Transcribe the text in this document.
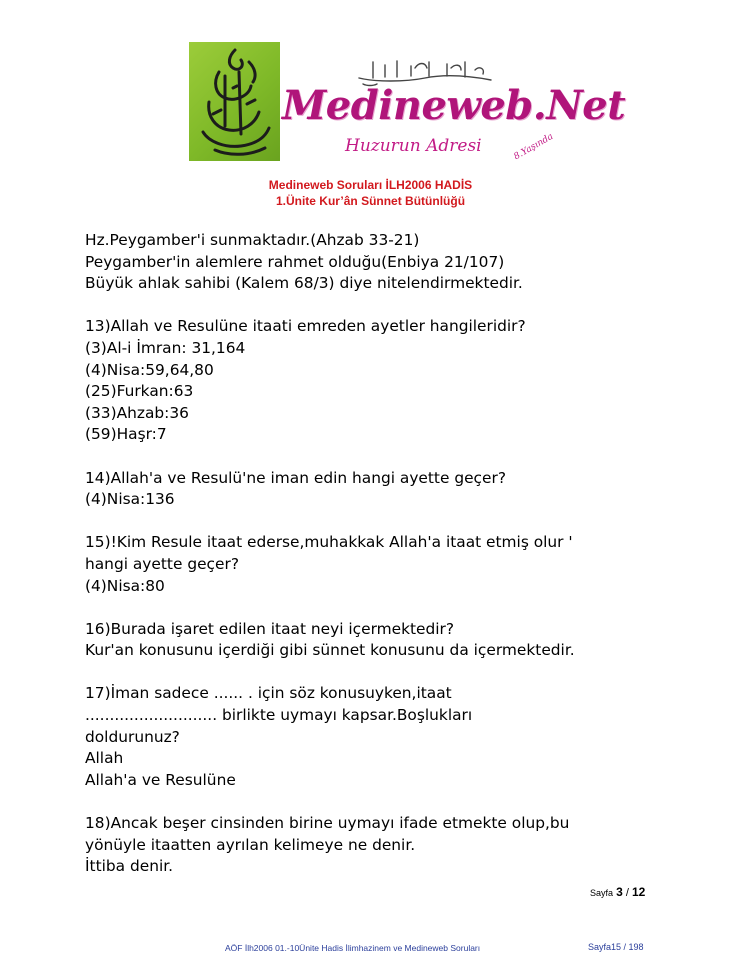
Medineweb.Net
Huzurun Adresi	8.Yaşında
Medineweb Soruları İLH2006 HADİS
1.Ünite Kur’ân Sünnet Bütünlüğü
Hz.Peygamber'i sunmaktadır.(Ahzab 33-21)
Peygamber'in alemlere rahmet olduğu(Enbiya 21/107)
Büyük ahlak sahibi (Kalem 68/3) diye nitelendirmektedir.
13)Allah ve Resulüne itaati emreden ayetler hangileridir?
(3)Al-i İmran: 31,164
(4)Nisa:59,64,80
(25)Furkan:63
(33)Ahzab:36
(59)Haşr:7
14)Allah'a ve Resulü'ne iman edin hangi ayette geçer?
(4)Nisa:136
15)!Kim Resule itaat ederse,muhakkak Allah'a itaat etmiş olur '
hangi ayette geçer?
(4)Nisa:80
16)Burada işaret edilen itaat neyi içermektedir?
Kur'an konusunu içerdiği gibi sünnet konusunu da içermektedir.
17)İman sadece ...... . için söz konusuyken,itaat
........................... birlikte uymayı kapsar.Boşlukları
doldurunuz?
Allah
Allah'a ve Resulüne
18)Ancak beşer cinsinden birine uymayı ifade etmekte olup,bu
yönüyle itaatten ayrılan kelimeye ne denir.
İttiba denir.
Sayfa 3 / 12
AÖF İlh2006 01.-10Ünite Hadis İlimhazinem ve Medineweb Soruları	Sayfa15 / 198
